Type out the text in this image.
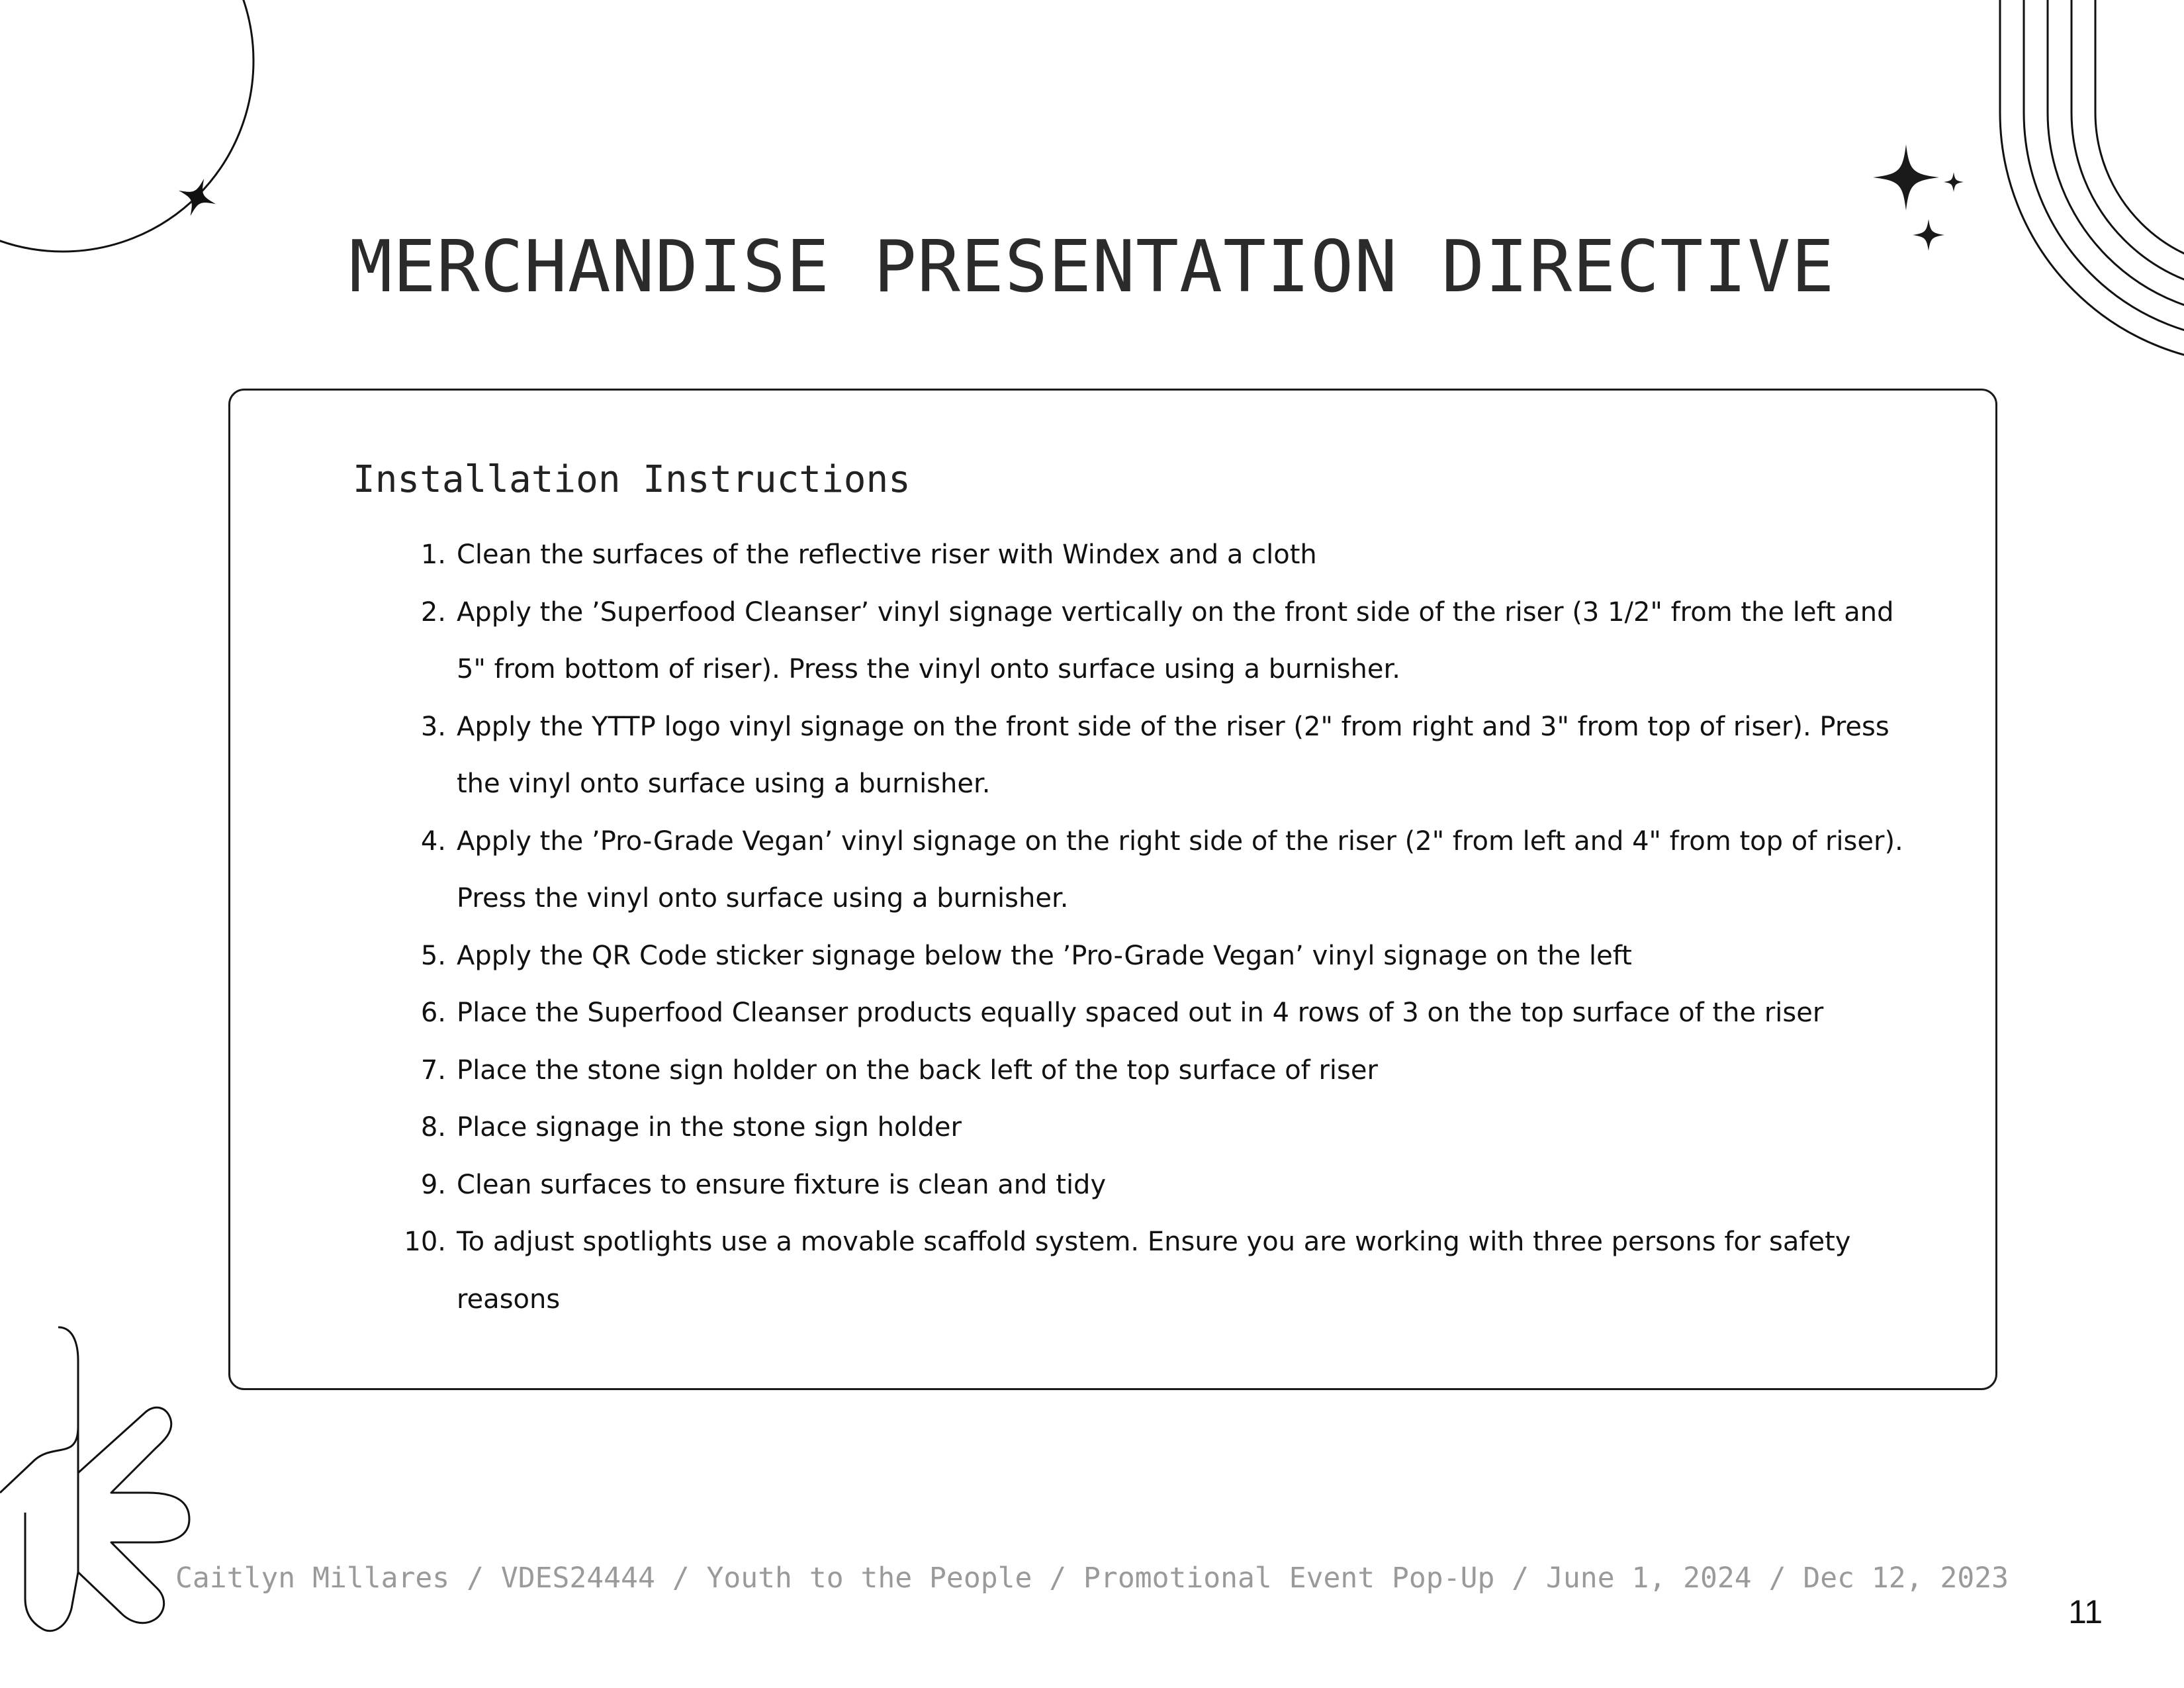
MERCHANDISE PRESENTATION DIRECTIVE
Installation Instructions
1. Clean the surfaces of the reflective riser with Windex and a cloth
2. Apply the ’Superfood Cleanser’ vinyl signage vertically on the front side of the riser (3 1/2" from the left and 5" from bottom of riser). Press the vinyl onto surface using a burnisher.
3. Apply the YTTP logo vinyl signage on the front side of the riser (2" from right and 3" from top of riser). Press the vinyl onto surface using a burnisher.
4. Apply the ’Pro-Grade Vegan’ vinyl signage on the right side of the riser (2" from left and 4" from top of riser). Press the vinyl onto surface using a burnisher.
5. Apply the QR Code sticker signage below the ’Pro-Grade Vegan’ vinyl signage on the left
6. Place the Superfood Cleanser products equally spaced out in 4 rows of 3 on the top surface of the riser
7. Place the stone sign holder on the back left of the top surface of riser
8. Place signage in the stone sign holder
9. Clean surfaces to ensure fixture is clean and tidy
10. To adjust spotlights use a movable scaffold system. Ensure you are working with three persons for safety reasons

Caitlyn Millares / VDES24444 / Youth to the People / Promotional Event Pop-Up / June 1, 2024 / Dec 12, 2023

11
